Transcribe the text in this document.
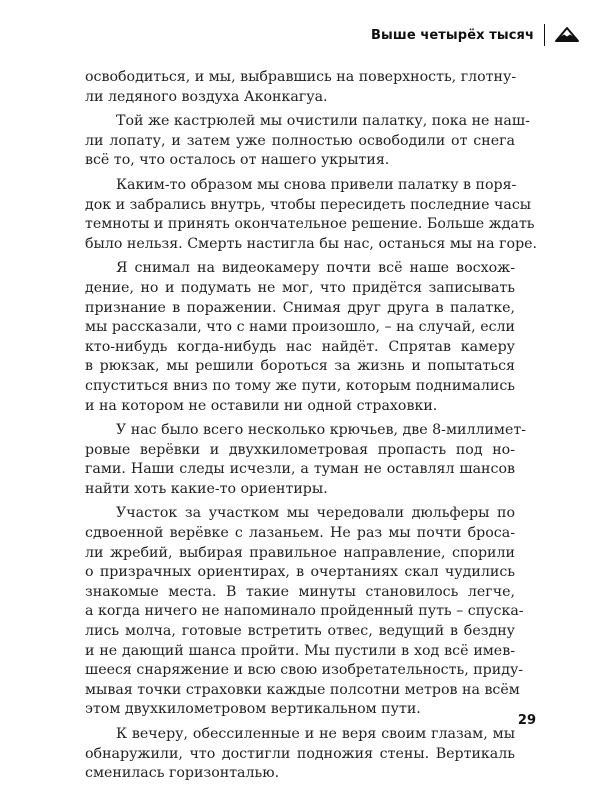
Выше четырёх тысяч

освободиться, и мы, выбравшись на поверхность, глотну-
ли ледяного воздуха Аконкагуа.

Той же кастрюлей мы очистили палатку, пока не наш-
ли лопату, и затем уже полностью освободили от снега
всё то, что осталось от нашего укрытия.

Каким-то образом мы снова привели палатку в поря-
док и забрались внутрь, чтобы пересидеть последние часы
темноты и принять окончательное решение. Больше ждать
было нельзя. Смерть настигла бы нас, останься мы на горе.

Я снимал на видеокамеру почти всё наше восхож-
дение, но и подумать не мог, что придётся записывать
признание в поражении. Снимая друг друга в палатке,
мы рассказали, что с нами произошло, – на случай, если
кто-нибудь когда-нибудь нас найдёт. Спрятав камеру
в рюкзак, мы решили бороться за жизнь и попытаться
спуститься вниз по тому же пути, которым поднимались
и на котором не оставили ни одной страховки.

У нас было всего несколько крючьев, две 8-миллимет-
ровые верёвки и двухкилометровая пропасть под но-
гами. Наши следы исчезли, а туман не оставлял шансов
найти хоть какие-то ориентиры.

Участок за участком мы чередовали дюльферы по
сдвоенной верёвке с лазаньем. Не раз мы почти броса-
ли жребий, выбирая правильное направление, спорили
о призрачных ориентирах, в очертаниях скал чудились
знакомые места. В такие минуты становилось легче,
а когда ничего не напоминало пройденный путь – спуска-
лись молча, готовые встретить отвес, ведущий в бездну
и не дающий шанса пройти. Мы пустили в ход всё имев-
шееся снаряжение и всю свою изобретательность, приду-
мывая точки страховки каждые полсотни метров на всём
этом двухкилометровом вертикальном пути.

К вечеру, обессиленные и не веря своим глазам, мы
обнаружили, что достигли подножия стены. Вертикаль
сменилась горизонталью.

29
